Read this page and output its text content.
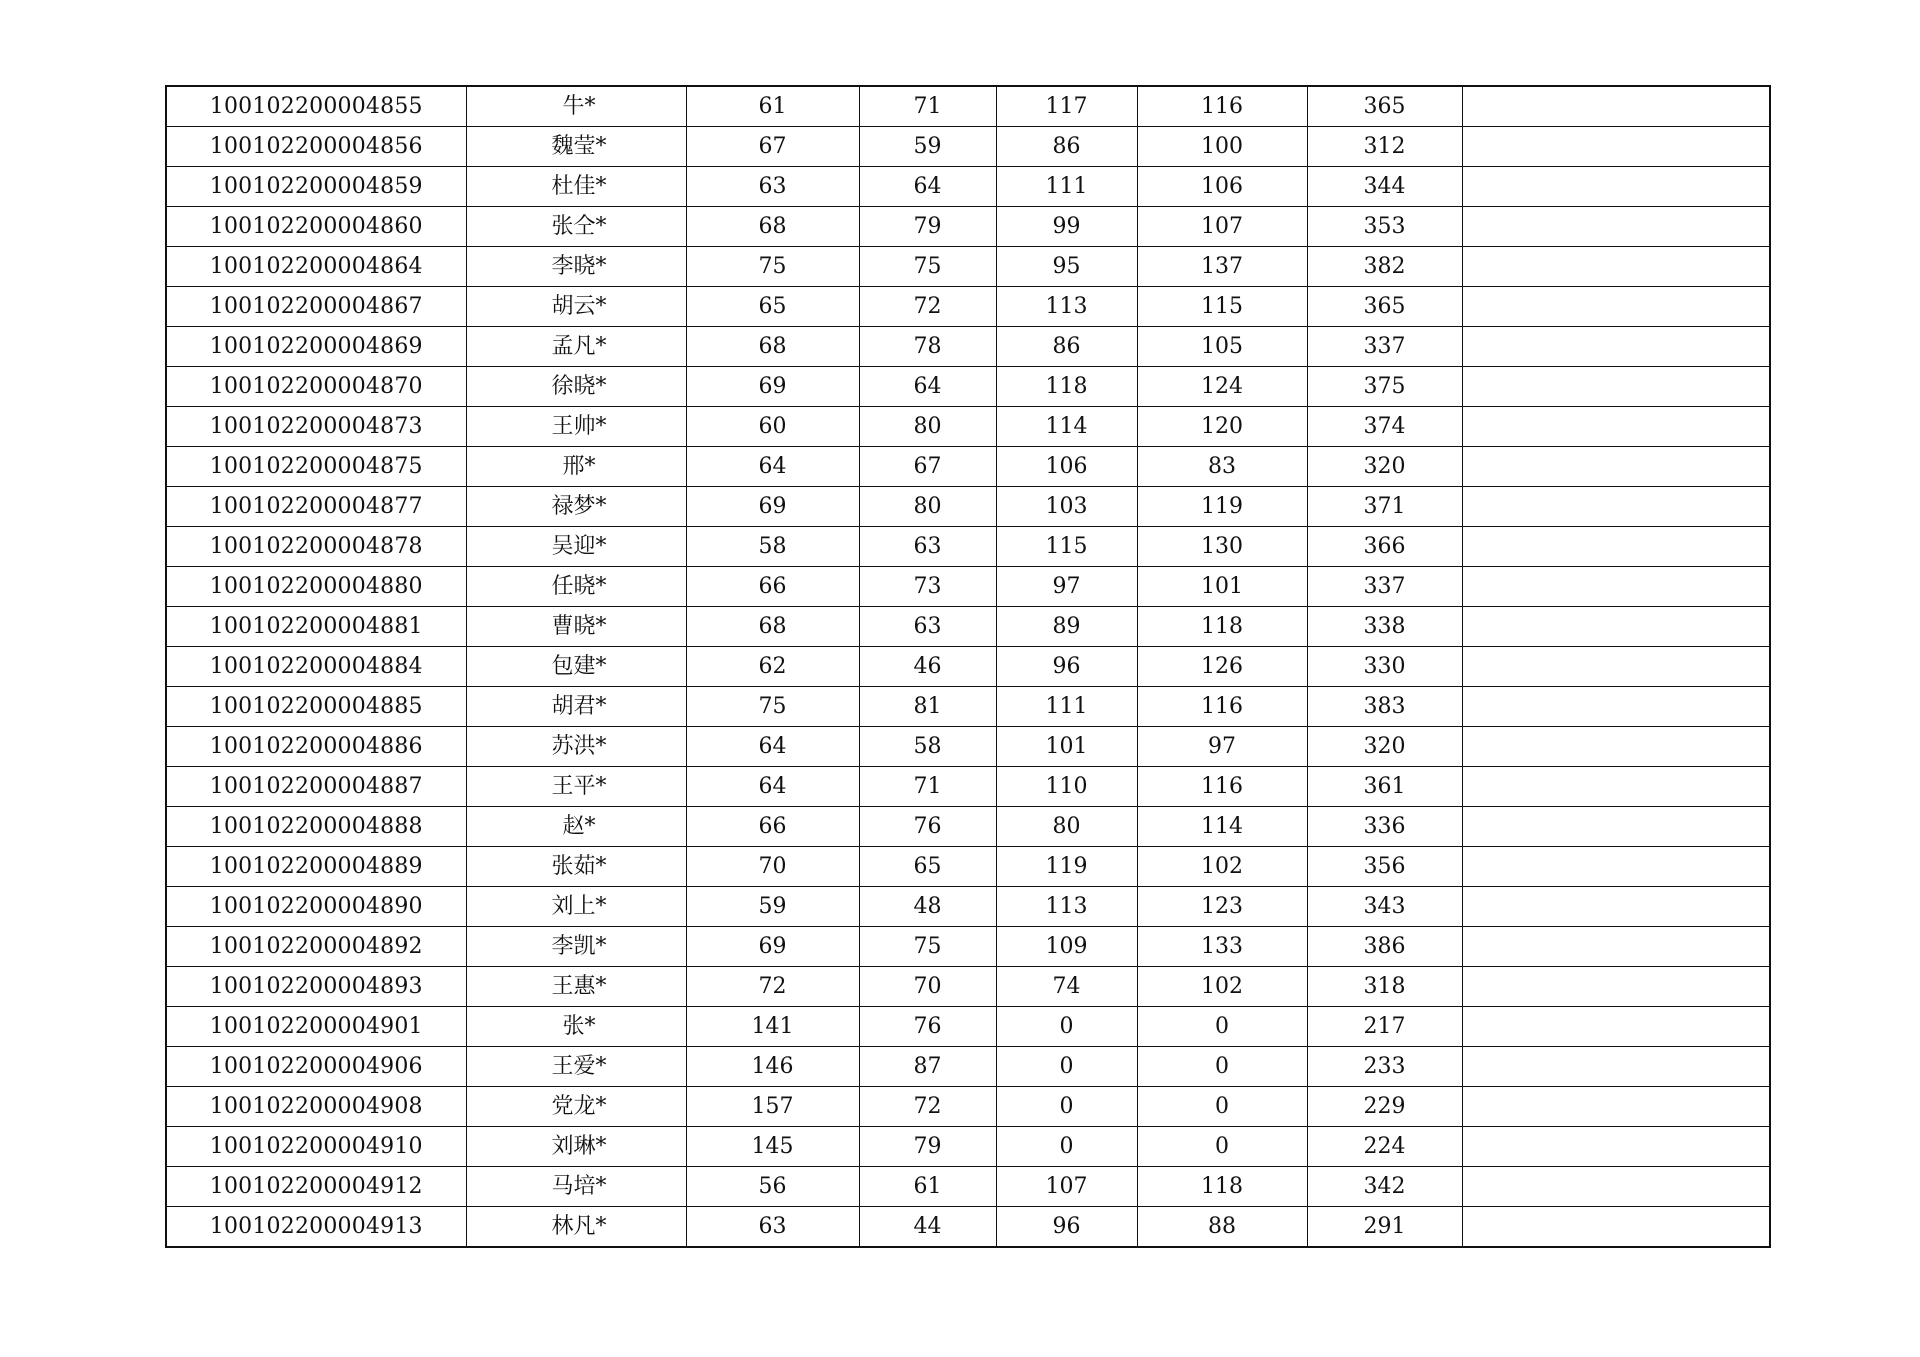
100102200004855	牛*	61	71	117	116	365	
100102200004856	魏莹*	67	59	86	100	312	
100102200004859	杜佳*	63	64	111	106	344	
100102200004860	张仝*	68	79	99	107	353	
100102200004864	李晓*	75	75	95	137	382	
100102200004867	胡云*	65	72	113	115	365	
100102200004869	孟凡*	68	78	86	105	337	
100102200004870	徐晓*	69	64	118	124	375	
100102200004873	王帅*	60	80	114	120	374	
100102200004875	邢*	64	67	106	83	320	
100102200004877	禄梦*	69	80	103	119	371	
100102200004878	吴迎*	58	63	115	130	366	
100102200004880	任晓*	66	73	97	101	337	
100102200004881	曹晓*	68	63	89	118	338	
100102200004884	包建*	62	46	96	126	330	
100102200004885	胡君*	75	81	111	116	383	
100102200004886	苏洪*	64	58	101	97	320	
100102200004887	王平*	64	71	110	116	361	
100102200004888	赵*	66	76	80	114	336	
100102200004889	张茹*	70	65	119	102	356	
100102200004890	刘上*	59	48	113	123	343	
100102200004892	李凯*	69	75	109	133	386	
100102200004893	王惠*	72	70	74	102	318	
100102200004901	张*	141	76	0	0	217	
100102200004906	王爱*	146	87	0	0	233	
100102200004908	党龙*	157	72	0	0	229	
100102200004910	刘琳*	145	79	0	0	224	
100102200004912	马培*	56	61	107	118	342	
100102200004913	林凡*	63	44	96	88	291	
